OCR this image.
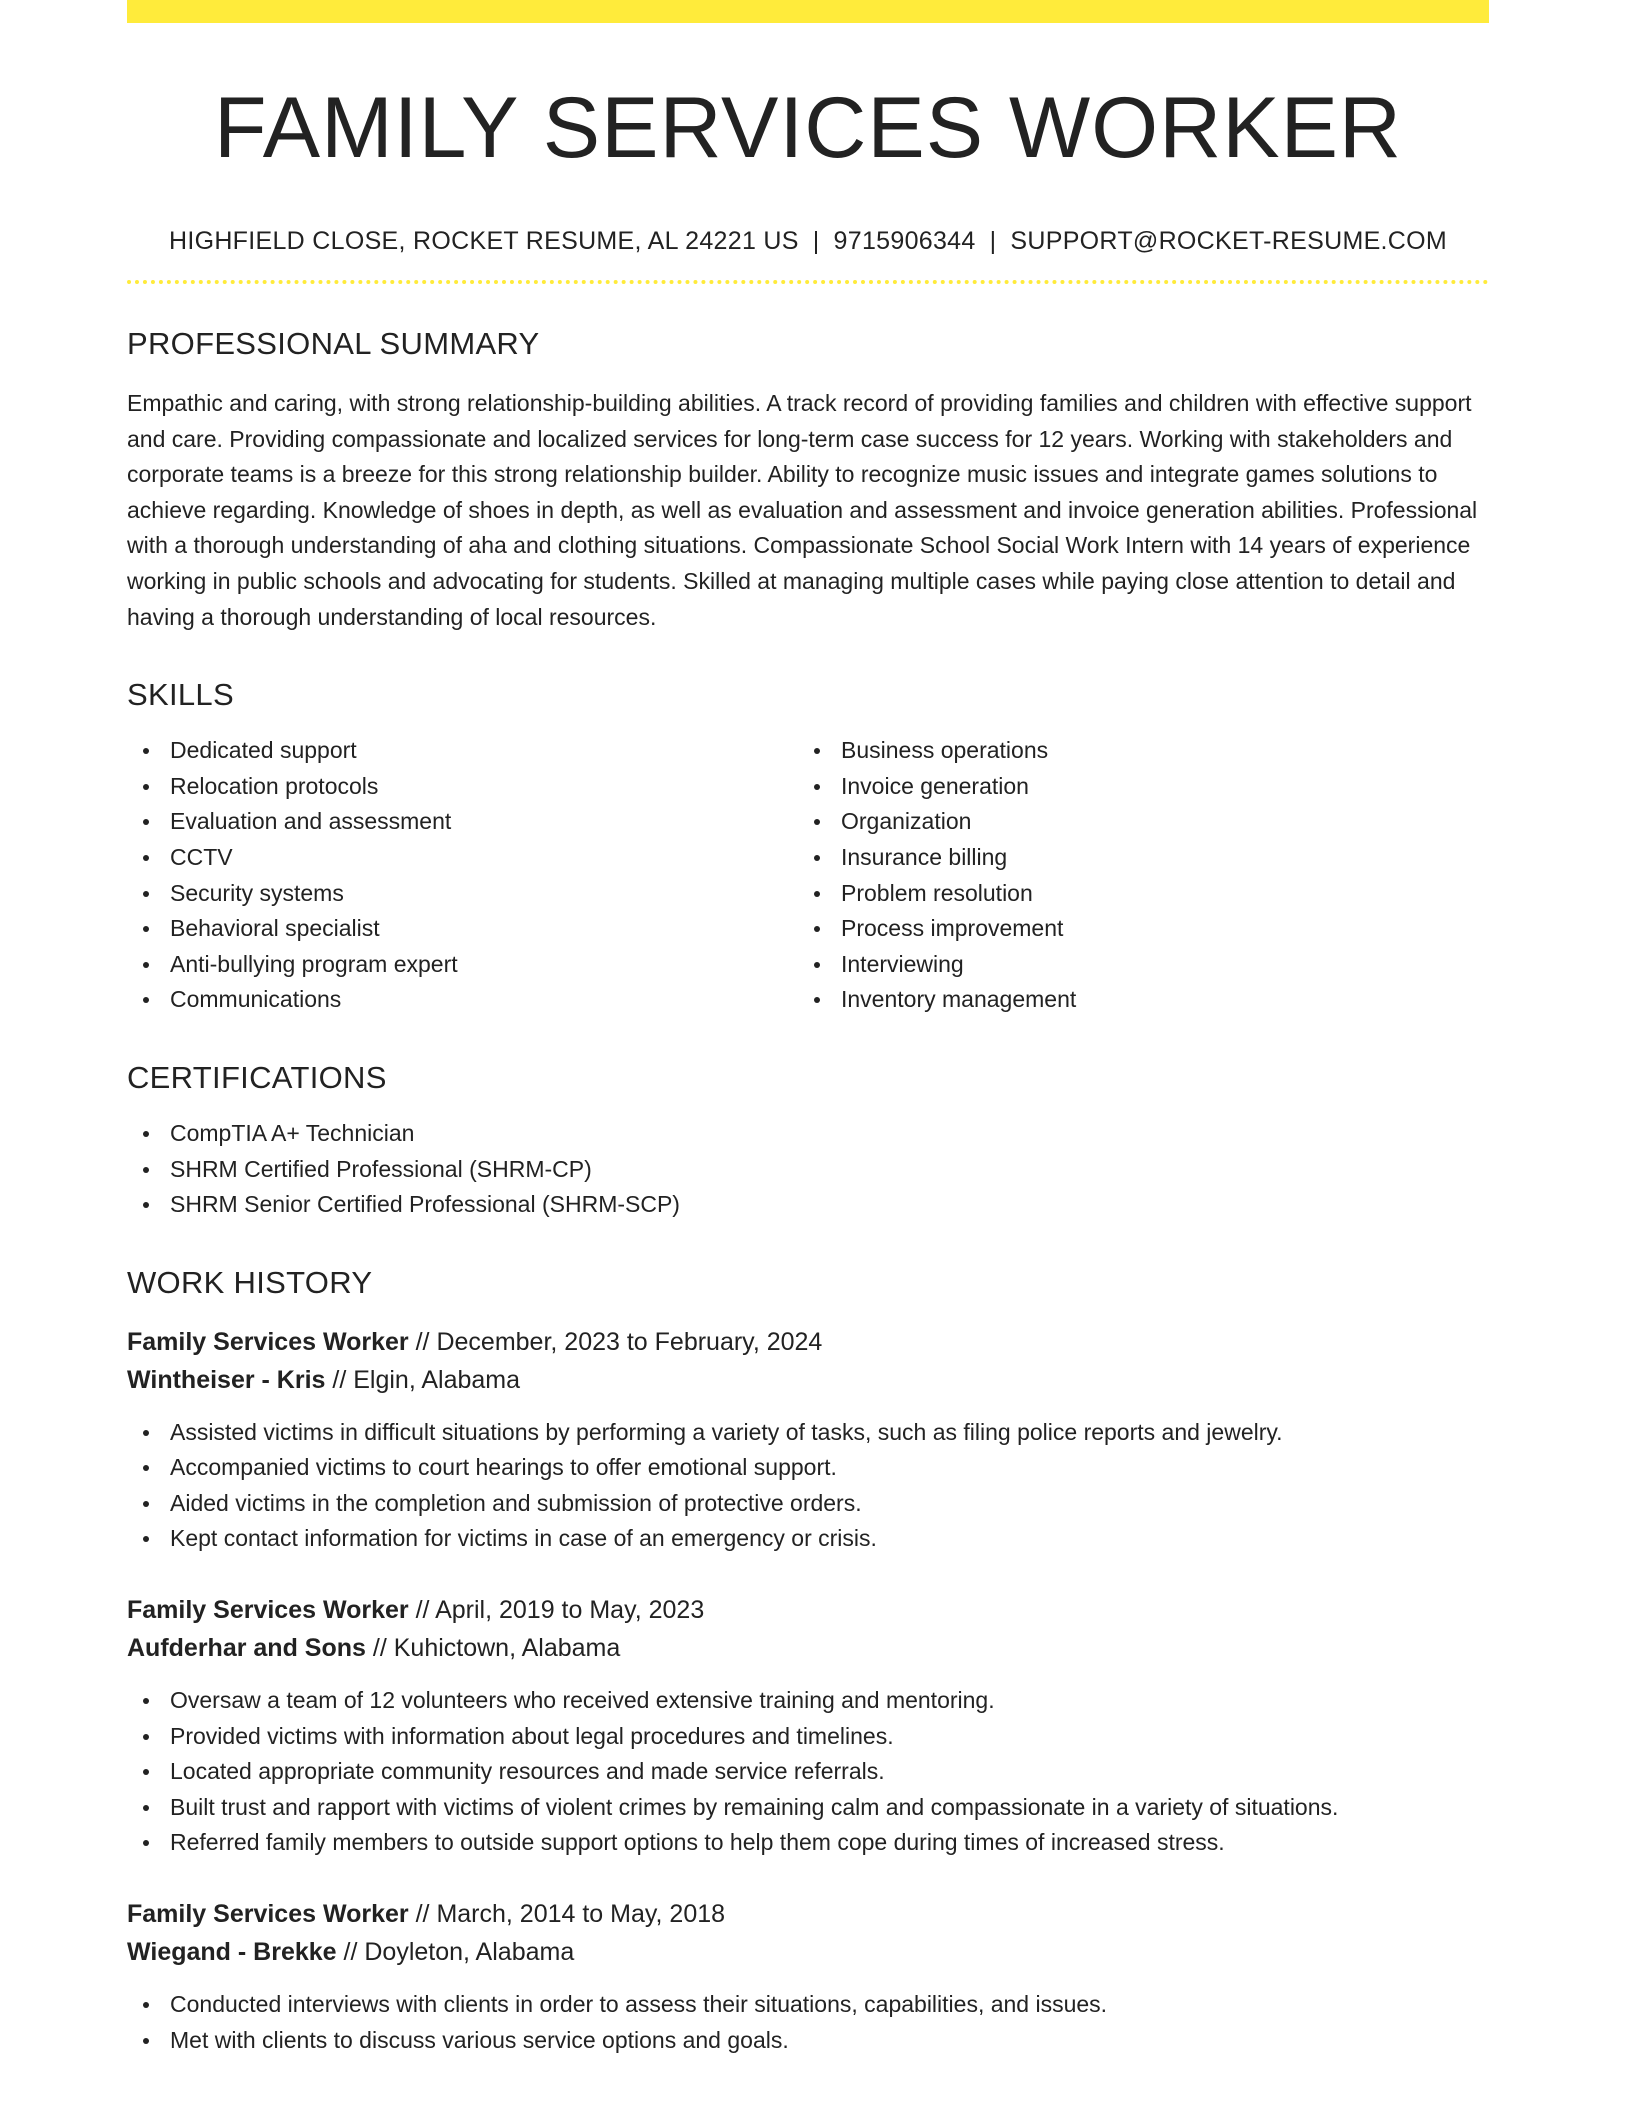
FAMILY SERVICES WORKER
HIGHFIELD CLOSE, ROCKET RESUME, AL 24221 US | 9715906344 | SUPPORT@ROCKET-RESUME.COM
PROFESSIONAL SUMMARY

Empathic and caring, with strong relationship-building abilities. A track record of providing families and children with effective support and care. Providing compassionate and localized services for long-term case success for 12 years. Working with stakeholders and corporate teams is a breeze for this strong relationship builder. Ability to recognize music issues and integrate games solutions to achieve regarding. Knowledge of shoes in depth, as well as evaluation and assessment and invoice generation abilities. Professional with a thorough understanding of aha and clothing situations. Compassionate School Social Work Intern with 14 years of experience working in public schools and advocating for students. Skilled at managing multiple cases while paying close attention to detail and having a thorough understanding of local resources.

SKILLS
Dedicated support
Relocation protocols
Evaluation and assessment
CCTV
Security systems
Behavioral specialist
Anti-bullying program expert
Communications
Business operations
Invoice generation
Organization
Insurance billing
Problem resolution
Process improvement
Interviewing
Inventory management
CERTIFICATIONS
CompTIA A+ Technician
SHRM Certified Professional (SHRM-CP)
SHRM Senior Certified Professional (SHRM-SCP)
WORK HISTORY
Family Services Worker // December, 2023 to February, 2024
Wintheiser - Kris // Elgin, Alabama
Assisted victims in difficult situations by performing a variety of tasks, such as filing police reports and jewelry.
Accompanied victims to court hearings to offer emotional support.
Aided victims in the completion and submission of protective orders.
Kept contact information for victims in case of an emergency or crisis.
Family Services Worker // April, 2019 to May, 2023
Aufderhar and Sons // Kuhictown, Alabama
Oversaw a team of 12 volunteers who received extensive training and mentoring.
Provided victims with information about legal procedures and timelines.
Located appropriate community resources and made service referrals.
Built trust and rapport with victims of violent crimes by remaining calm and compassionate in a variety of situations.
Referred family members to outside support options to help them cope during times of increased stress.
Family Services Worker // March, 2014 to May, 2018
Wiegand - Brekke // Doyleton, Alabama
Conducted interviews with clients in order to assess their situations, capabilities, and issues.
Met with clients to discuss various service options and goals.
